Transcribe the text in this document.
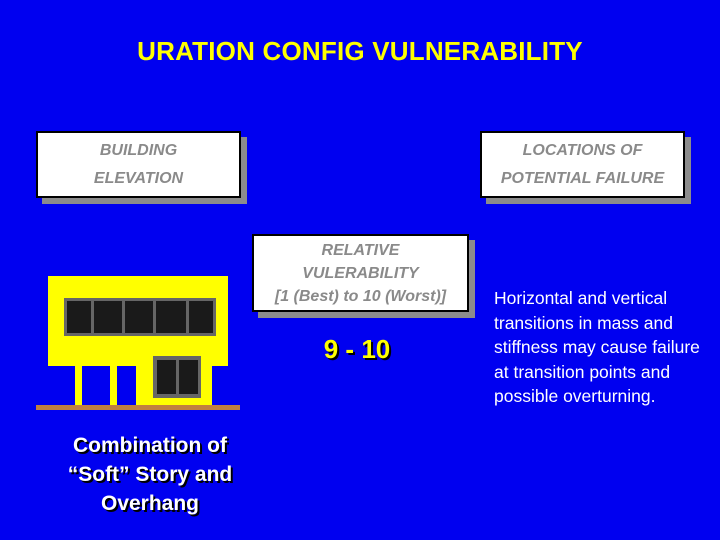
URATION CONFIG VULNERABILITY
BUILDING
ELEVATION
LOCATIONS OF
POTENTIAL FAILURE
RELATIVE
VULERABILITY
[1 (Best) to 10 (Worst)]
9 - 10
Horizontal and vertical transitions in mass and stiffness may cause failure at transition points and possible overturning.
Combination of
“Soft” Story and
Overhang
